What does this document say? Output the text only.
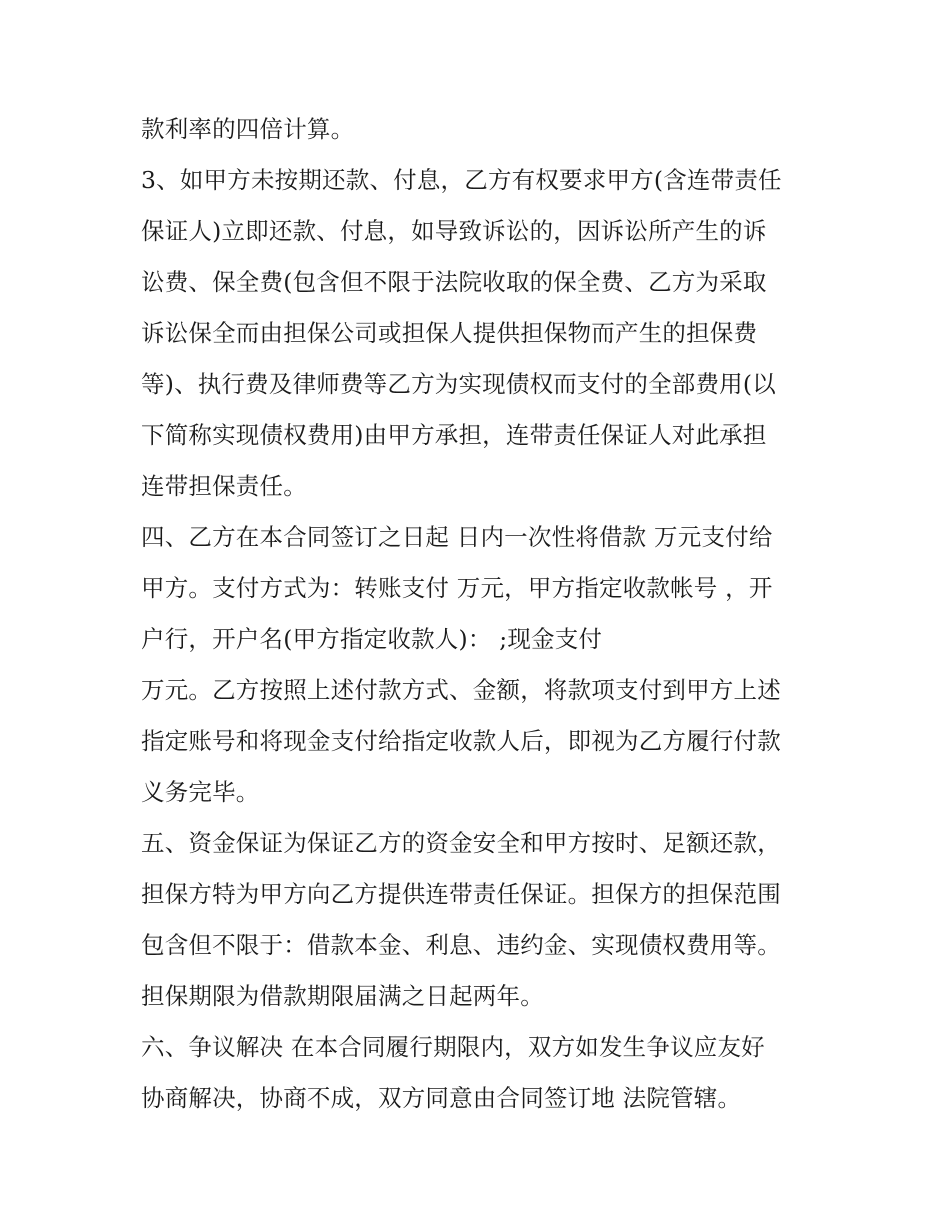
款利率的四倍计算。
3、如甲方未按期还款、付息，乙方有权要求甲方(含连带责任
保证人)立即还款、付息，如导致诉讼的，因诉讼所产生的诉
讼费、保全费(包含但不限于法院收取的保全费、乙方为采取
诉讼保全而由担保公司或担保人提供担保物而产生的担保费
等)、执行费及律师费等乙方为实现债权而支付的全部费用(以
下简称实现债权费用)由甲方承担，连带责任保证人对此承担
连带担保责任。
四、乙方在本合同签订之日起 日内一次性将借款 万元支付给
甲方。支付方式为：转账支付 万元，甲方指定收款帐号 ，开
户行，开户名(甲方指定收款人)： ;现金支付
万元。乙方按照上述付款方式、金额，将款项支付到甲方上述
指定账号和将现金支付给指定收款人后，即视为乙方履行付款
义务完毕。
五、资金保证为保证乙方的资金安全和甲方按时、足额还款，
担保方特为甲方向乙方提供连带责任保证。担保方的担保范围
包含但不限于：借款本金、利息、违约金、实现债权费用等。
担保期限为借款期限届满之日起两年。
六、争议解决 在本合同履行期限内，双方如发生争议应友好
协商解决，协商不成，双方同意由合同签订地 法院管辖。
